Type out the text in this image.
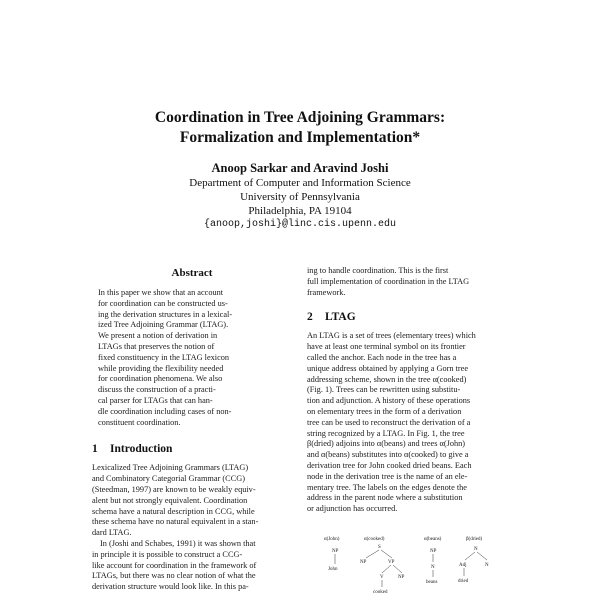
Coordination in Tree Adjoining Grammars:
Formalization and Implementation*
Anoop Sarkar and Aravind Joshi
Department of Computer and Information Science
University of Pennsylvania
Philadelphia, PA 19104
{anoop,joshi}@linc.cis.upenn.edu
Abstract
In this paper we show that an account
for coordination can be constructed us-
ing the derivation structures in a lexical-
ized Tree Adjoining Grammar (LTAG).
We present a notion of derivation in
LTAGs that preserves the notion of
fixed constituency in the LTAG lexicon
while providing the flexibility needed
for coordination phenomena. We also
discuss the construction of a practi-
cal parser for LTAGs that can han-
dle coordination including cases of non-
constituent coordination.
1 Introduction
Lexicalized Tree Adjoining Grammars (LTAG)
and Combinatory Categorial Grammar (CCG)
(Steedman, 1997) are known to be weakly equiv-
alent but not strongly equivalent. Coordination
schema have a natural description in CCG, while
these schema have no natural equivalent in a stan-
dard LTAG.
In (Joshi and Schabes, 1991) it was shown that
in principle it is possible to construct a CCG-
like account for coordination in the framework of
LTAGs, but there was no clear notion of what the
derivation structure would look like. In this pa-
ing to handle coordination. This is the first
full implementation of coordination in the LTAG
framework.
2 LTAG
An LTAG is a set of trees (elementary trees) which
have at least one terminal symbol on its frontier
called the anchor. Each node in the tree has a
unique address obtained by applying a Gorn tree
addressing scheme, shown in the tree α(cooked)
(Fig. 1). Trees can be rewritten using substitu-
tion and adjunction. A history of these operations
on elementary trees in the form of a derivation
tree can be used to reconstruct the derivation of a
string recognized by a LTAG. In Fig. 1, the tree
β(dried) adjoins into α(beans) and trees α(John)
and α(beans) substitutes into α(cooked) to give a
derivation tree for John cooked dried beans. Each
node in the derivation tree is the name of an ele-
mentary tree. The labels on the edges denote the
address in the parent node where a substitution
or adjunction has occurred.
α(John)
NP
John
α(cooked)
S
NP	VP
V	NP
cooked
α(beans)
NP
N
beans
β(dried)
N
Adj	N
dried
